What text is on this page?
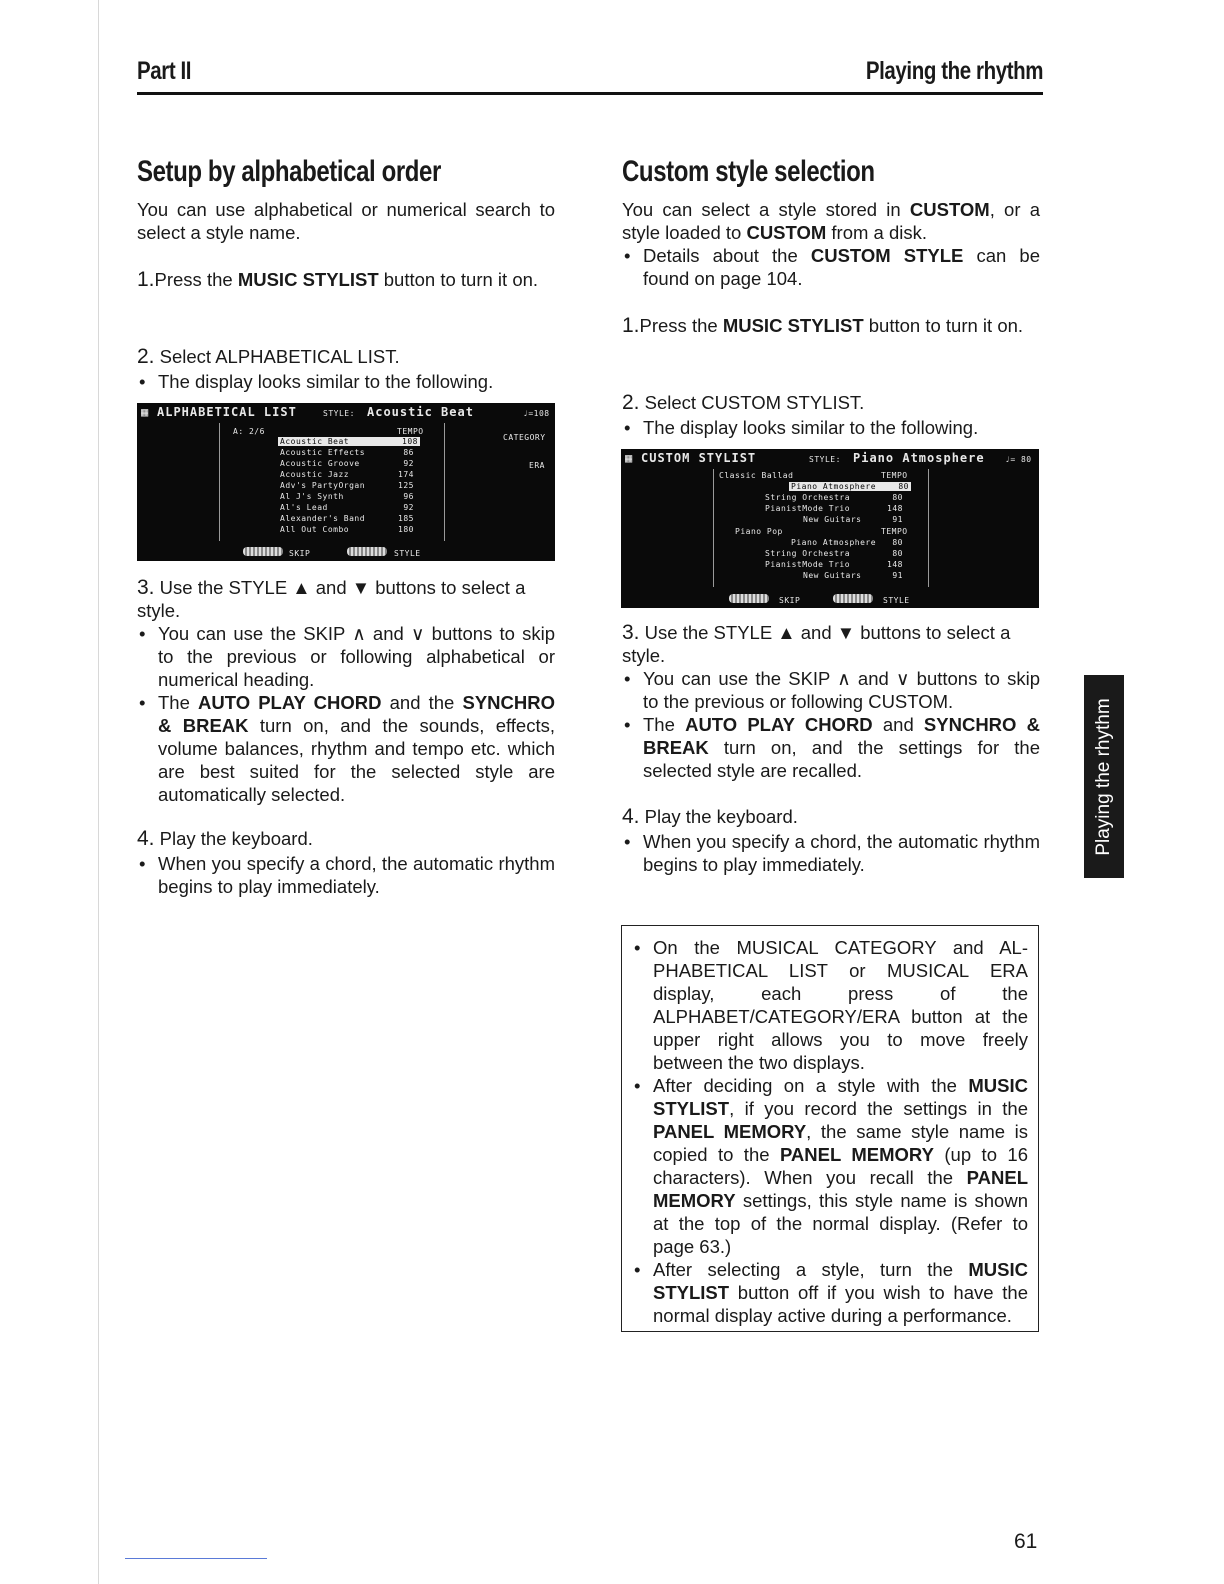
Part II	Playing the rhythm
Setup by alphabetical order
You can use alphabetical or numerical search to select a style name.
1.Press the MUSIC STYLIST button to turn it on.
2. Select ALPHABETICAL LIST.
• The display looks similar to the following.
▦ ALPHABETICAL LIST	STYLE: Acoustic Beat	♩=108
A: 2/6	TEMPO
CATEGORY
ERA
Acoustic Beat	108
Acoustic Effects	86
Acoustic Groove	92
Acoustic Jazz	174
Adv's PartyOrgan	125
Al J's Synth	96
Al's Lead	92
Alexander's Band	185
All Out Combo	180
SKIP	STYLE
3. Use the STYLE ▲ and ▼ buttons to select a style.
• You can use the SKIP ∧ and ∨ buttons to skip to the previous or following alphabetical or numerical heading.
• The AUTO PLAY CHORD and the SYNCHRO & BREAK turn on, and the sounds, effects, volume balances, rhythm and tempo etc. which are best suited for the selected style are automatically selected.
4. Play the keyboard.
• When you specify a chord, the automatic rhythm begins to play immediately.
Custom style selection
You can select a style stored in CUSTOM, or a style loaded to CUSTOM from a disk.
• Details about the CUSTOM STYLE can be found on page 104.
1.Press the MUSIC STYLIST button to turn it on.
2. Select CUSTOM STYLIST.
• The display looks similar to the following.
▦ CUSTOM STYLIST	STYLE: Piano Atmosphere	♩= 80
Classic Ballad	TEMPO
Piano Atmosphere	80
String Orchestra	80
PianistMode Trio	148
New Guitars	91
Piano Pop	TEMPO
Piano Atmosphere 80
String Orchestra	80
PianistMode Trio	148
New Guitars	91
SKIP	STYLE
3. Use the STYLE ▲ and ▼ buttons to select a style.
• You can use the SKIP ∧ and ∨ buttons to skip to the previous or following CUSTOM.
• The AUTO PLAY CHORD and SYNCHRO & BREAK turn on, and the settings for the selected style are recalled.
4. Play the keyboard.
• When you specify a chord, the automatic rhythm begins to play immediately.
• On the MUSICAL CATEGORY and AL-PHABETICAL LIST or MUSICAL ERA display, each press of the ALPHABET/CATEGORY/ERA button at the upper right allows you to move freely between the two displays.
• After deciding on a style with the MUSIC STYLIST, if you record the settings in the PANEL MEMORY, the same style name is copied to the PANEL MEMORY (up to 16 characters). When you recall the PANEL MEMORY settings, this style name is shown at the top of the normal display. (Refer to page 63.)
• After selecting a style, turn the MUSIC STYLIST button off if you wish to have the normal display active during a performance.
Playing the rhythm
61
